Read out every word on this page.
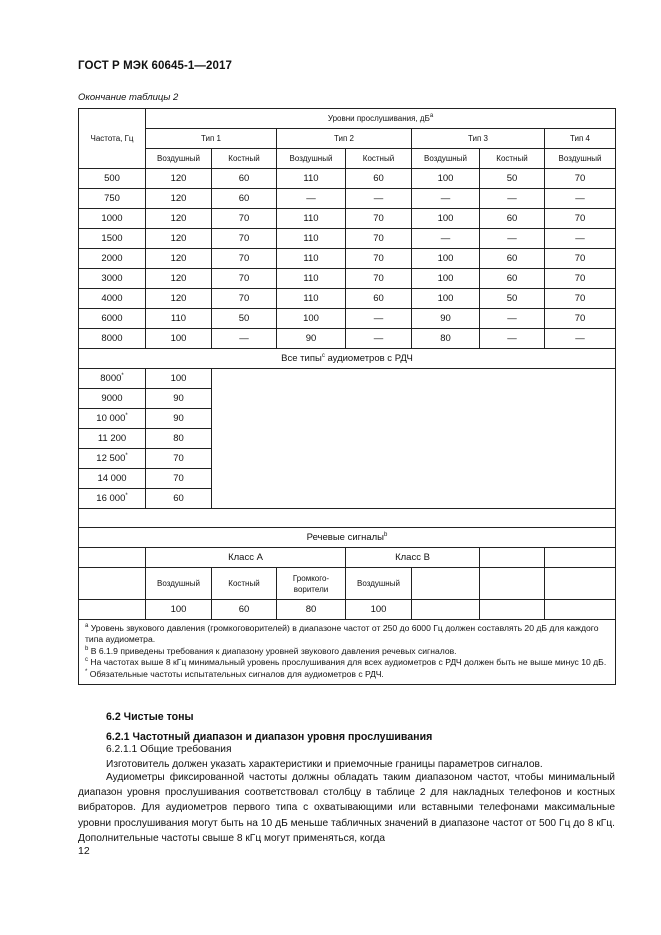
ГОСТ Р МЭК 60645-1—2017
Окончание таблицы 2
Частота, Гц	Уровни прослушивания, $дБ^a$
	Тип 1		Тип 2		Тип 3		Тип 4
	Воздушный	Костный	Воздушный	Костный	Воздушный	Костный	Воздушный
500	120	60	110	60	100	50	70
750	120	60	—	—	—	—	—
1000	120	70	110	70	100	60	70
1500	120	70	110	70	—	—	—
2000	120	70	110	70	100	60	70
3000	120	70	110	70	100	60	70
4000	120	70	110	60	100	50	70
6000	110	50	100	—	90	—	70
8000	100	—	90	—	80	—	—
Все типы$^c$ аудиометров с РДЧ							
8000*	100						
9000	90						
10 000*	90						
11 200	80						
12 500*	70						
14 000	70						
16 000*	60						

Речевые сигналы$^b$
	Класс А			Класс В			
	Воздушный	Костный	Громкого-
ворители	Воздушный			
	100	60	80	100			

$^a$ Уровень звукового давления (громкоговорителей) в диапазоне частот от 250 до 6000 Гц должен составлять 20 дБ для каждого типа аудиометра.
$^b$ В 6.1.9 приведены требования к диапазону уровней звукового давления речевых сигналов.
$^c$ На частотах выше 8 кГц минимальный уровень прослушивания для всех аудиометров с РДЧ должен быть не выше минус 10 дБ.
* Обязательные частоты испытательных сигналов для аудиометров с РДЧ.							
6.2 Чистые тоны
6.2.1 Частотный диапазон и диапазон уровня прослушивания
6.2.1.1 Общие требования
Изготовитель должен указать характеристики и приемочные границы параметров сигналов.
Аудиометры фиксированной частоты должны обладать таким диапазоном частот, чтобы минимальный диапазон уровня прослушивания соответствовал столбцу в таблице 2 для накладных телефонов и костных вибраторов. Для аудиометров первого типа с охватывающими или вставными телефонами максимальные уровни прослушивания могут быть на 10 дБ меньше табличных значений в диапазоне частот от 500 Гц до 8 кГц. Дополнительные частоты свыше 8 кГц могут применяться, когда
12
